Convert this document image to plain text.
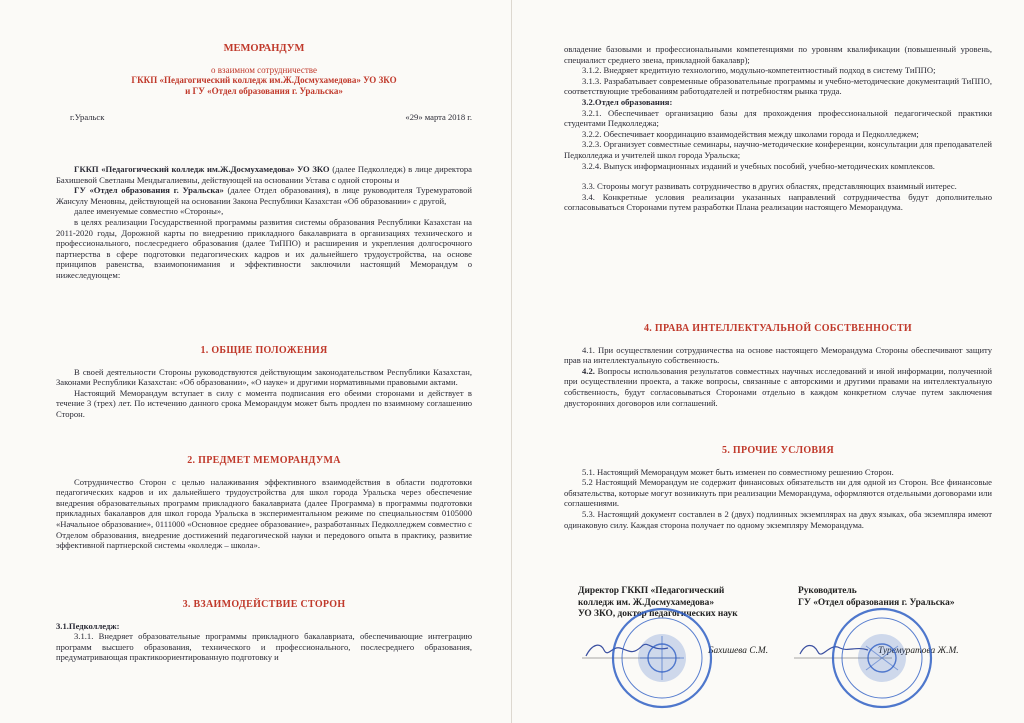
МЕМОРАНДУМ
о взаимном сотрудничестве
ГККП «Педагогический колледж им.Ж.Досмухамедова» УО ЗКО
и ГУ «Отдел образования г. Уральска»
г.Уральск	«29» марта 2018 г.

ГККП «Педагогический колледж им.Ж.Досмухамедова» УО ЗКО (далее Педколледж) в лице директора Бахишевой Светланы Мендыгалиевны, действующей на основании Устава с одной стороны и

ГУ «Отдел образования г. Уральска» (далее Отдел образования), в лице руководителя Туремуратовой Жансулу Меновны, действующей на основании Закона Республики Казахстан «Об образовании» с другой,

далее именуемые совместно «Стороны»,

в целях реализации Государственной программы развития системы образования Республики Казахстан на 2011-2020 годы, Дорожной карты по внедрению прикладного бакалавриата в организациях технического и профессионального, послесреднего образования (далее ТиППО) и расширения и укрепления долгосрочного партнерства в сфере подготовки педагогических кадров и их дальнейшего трудоустройства, на основе принципов равенства, взаимопонимания и эффективности заключили настоящий Меморандум о нижеследующем:

1. ОБЩИЕ ПОЛОЖЕНИЯ

В своей деятельности Стороны руководствуются действующим законодательством Республики Казахстан, Законами Республики Казахстан: «Об образовании», «О науке» и другими нормативными правовыми актами.

Настоящий Меморандум вступает в силу с момента подписания его обеими сторонами и действует в течение 3 (трех) лет. По истечению данного срока Меморандум может быть продлен по взаимному соглашению Сторон.

2. ПРЕДМЕТ МЕМОРАНДУМА

Сотрудничество Сторон с целью налаживания эффективного взаимодействия в области подготовки педагогических кадров и их дальнейшего трудоустройства для школ города Уральска через обеспечение внедрения образовательных программ прикладного бакалавриата (далее Программа) в программы подготовки прикладных бакалавров для школ города Уральска в экспериментальном режиме по специальностям 0105000 «Начальное образование», 0111000 «Основное среднее образование», разработанных Педколледжем совместно с Отделом образования, внедрение достижений педагогической науки и передового опыта в практику, развитие эффективной партнерской системы «колледж – школа».

3. ВЗАИМОДЕЙСТВИЕ СТОРОН

3.1.Педколледж:

3.1.1. Внедряет образовательные программы прикладного бакалавриата, обеспечивающие интеграцию программ высшего образования, технического и профессионального, послесреднего образования, предуматривающая практикоориентированную подготовку и

овладение базовыми и профессиональными компетенциями по уровням квалификации (повышенный уровень, специалист среднего звена, прикладной бакалавр);

3.1.2. Внедряет кредитную технологию, модульно-компетентностный подход в систему ТиППО;

3.1.3. Разрабатывает современные образовательные программы и учебно-методические документаций ТиППО, соответствующие требованиям работодателей и потребностям рынка труда.

3.2.Отдел образования:

3.2.1. Обеспечивает организацию базы для прохождения профессиональной педагогической практики студентами Педколледжа;

3.2.2. Обеспечивает координацию взаимодействия между школами города и Педколледжем;

3.2.3. Организует совместные семинары, научно-методические конференции, консультации для преподавателей Педколледжа и учителей школ города Уральска;

3.2.4. Выпуск информационных изданий и учебных пособий, учебно-методических комплексов.

3.3. Стороны могут развивать сотрудничество в других областях, представляющих взаимный интерес.

3.4. Конкретные условия реализации указанных направлений сотрудничества будут дополнительно согласовываться Сторонами путем разработки Плана реализации настоящего Меморандума.

4. ПРАВА ИНТЕЛЛЕКТУАЛЬНОЙ СОБСТВЕННОСТИ

4.1. При осуществлении сотрудничества на основе настоящего Меморандума Стороны обеспечивают защиту прав на интеллектуальную собственность.

4.2. Вопросы использования результатов совместных научных исследований и иной информации, полученной при осуществлении проекта, а также вопросы, связанные с авторскими и другими правами на интеллектуальную собственность, будут согласовываться Сторонами отдельно в каждом конкретном случае путем заключения двусторонних договоров или соглашений.

5. ПРОЧИЕ УСЛОВИЯ

5.1. Настоящий Меморандум может быть изменен по совместному решению Сторон.

5.2 Настоящий Меморандум не содержит финансовых обязательств ни для одной из Сторон. Все финансовые обязательства, которые могут возникнуть при реализации Меморандума, оформляются отдельными договорами или соглашениями.

5.3. Настоящий документ составлен в 2 (двух) подлинных экземплярах на двух языках, оба экземпляра имеют одинаковую силу. Каждая сторона получает по одному экземпляру Меморандума.

Директор ГККП «Педагогический
колледж им. Ж.Досмухамедова»
УО ЗКО, доктор педагогических наук
Бахишева С.М.
Руководитель
ГУ «Отдел образования г. Уральска»
Туремуратова Ж.М.
